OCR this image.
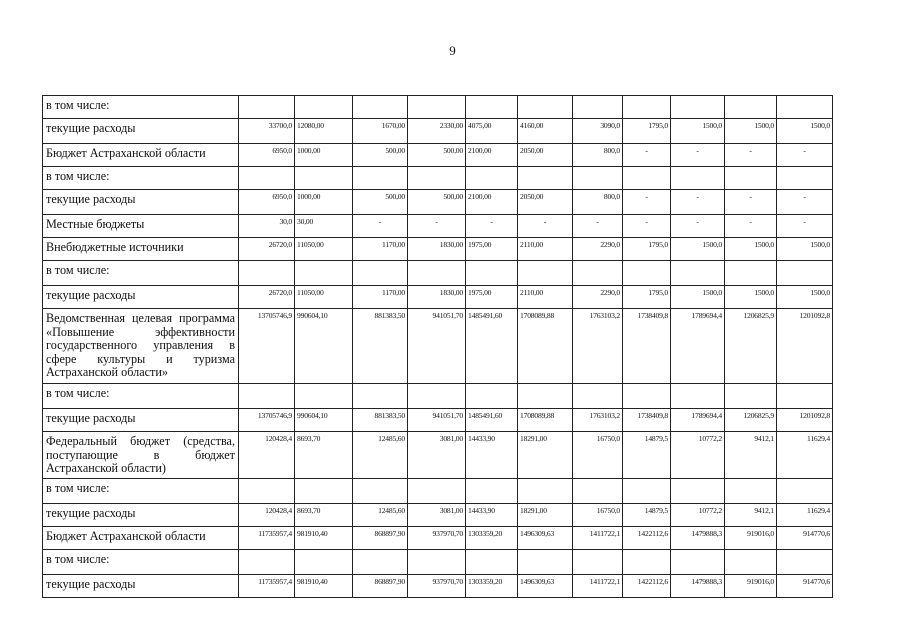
9
в том числе:											
текущие расходы	33700,0	12080,00	1670,00	2330,00	4075,00	4160,00	3090,0	1795,0	1500,0	1500,0	1500,0
Бюджет Астраханской области	6950,0	1000,00	500,00	500,00	2100,00	2050,00	800,0	-	-	-	-
в том числе:											
текущие расходы	6950,0	1000,00	500,00	500,00	2100,00	2050,00	800,0	-	-	-	-
Местные бюджеты	30,0	30,00	-	-	-	-	-	-	-	-	-
Внебюджетные источники	26720,0	11050,00	1170,00	1830,00	1975,00	2110,00	2290,0	1795,0	1500,0	1500,0	1500,0
в том числе:											
текущие расходы	26720,0	11050,00	1170,00	1830,00	1975,00	2110,00	2290,0	1795,0	1500,0	1500,0	1500,0
Ведомственная целевая программа «Повышение эффективности государственного управления в сфере культуры и туризма Астраханской области»	13705746,9	990604,10	881383,50	941051,70	1485491,60	1708089,88	1763103,2	1738409,8	1789694,4	1206825,9	1201092,8
в том числе:											
текущие расходы	13705746,9	990604,10	881383,50	941051,70	1485491,60	1708089,88	1763103,2	1738409,8	1789694,4	1206825,9	1201092,8
Федеральный бюджет (средства, поступающие в бюджет Астраханской области)	120428,4	8693,70	12485,60	3081,00	14433,90	18291,00	16750,0	14879,5	10772,2	9412,1	11629,4
в том числе:											
текущие расходы	120428,4	8693,70	12485,60	3081,00	14433,90	18291,00	16750,0	14879,5	10772,2	9412,1	11629,4
Бюджет Астраханской области	11735957,4	981910,40	868897,90	937970,70	1303359,20	1496309,63	1411722,1	1422112,6	1479888,3	919016,0	914770,6
в том числе:											
текущие расходы	11735957,4	981910,40	868897,90	937970,70	1303359,20	1496309,63	1411722,1	1422112,6	1479888,3	919016,0	914770,6
